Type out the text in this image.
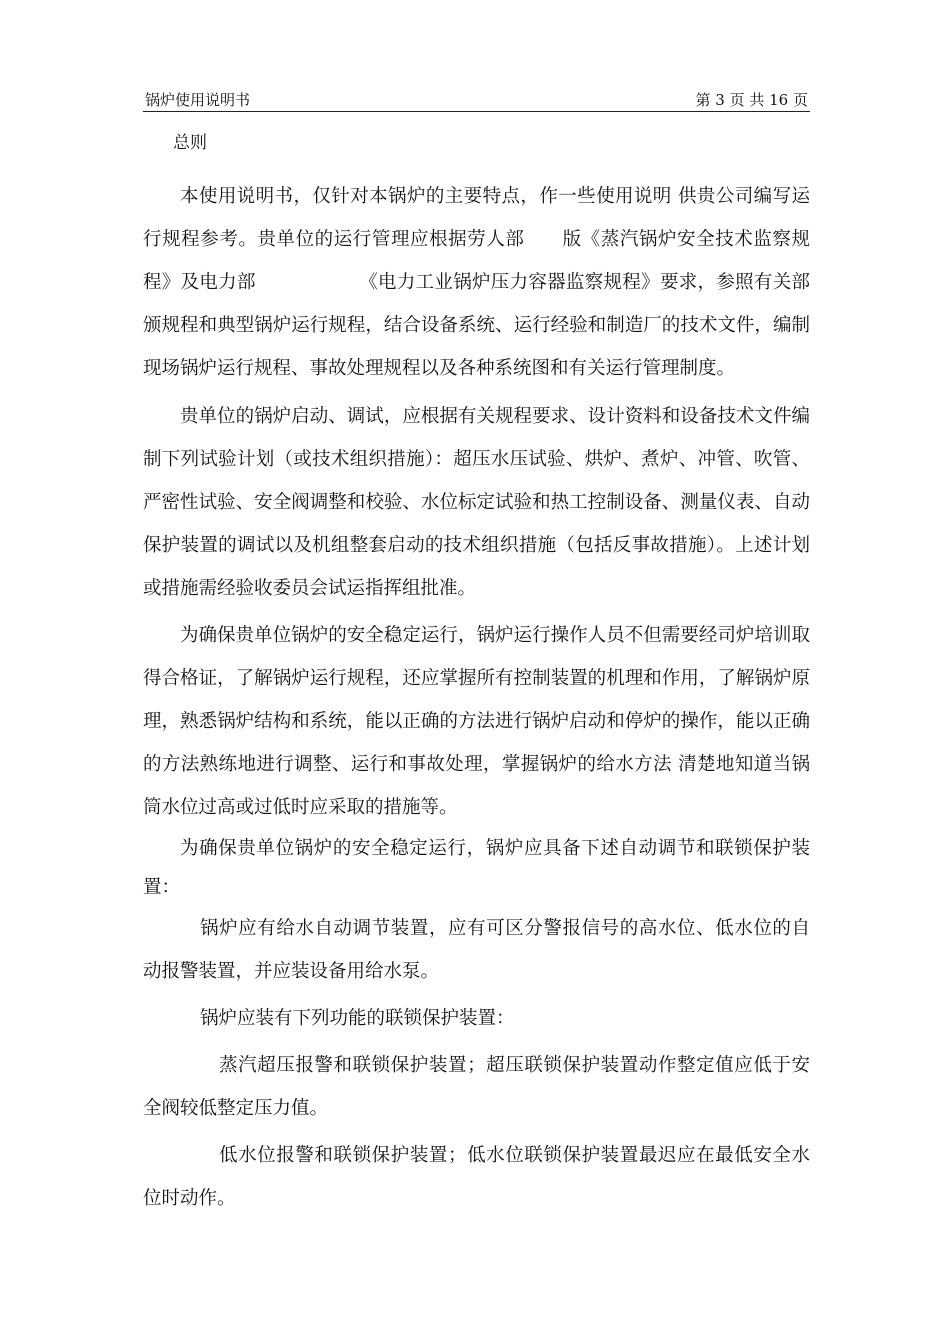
锅炉使用说明书	第 3 页 共 16 页

总则

本使用说明书，仅针对本锅炉的主要特点，作一些使用说明 供贵公司编写运行规程参考。贵单位的运行管理应根据劳人部　　版《蒸汽锅炉安全技术监察规程》及电力部　　　　　　《电力工业锅炉压力容器监察规程》要求，参照有关部颁规程和典型锅炉运行规程，结合设备系统、运行经验和制造厂的技术文件，编制现场锅炉运行规程、事故处理规程以及各种系统图和有关运行管理制度。

贵单位的锅炉启动、调试，应根据有关规程要求、设计资料和设备技术文件编制下列试验计划（或技术组织措施）：超压水压试验、烘炉、煮炉、冲管、吹管、严密性试验、安全阀调整和校验、水位标定试验和热工控制设备、测量仪表、自动保护装置的调试以及机组整套启动的技术组织措施（包括反事故措施）。上述计划或措施需经验收委员会试运指挥组批准。

为确保贵单位锅炉的安全稳定运行，锅炉运行操作人员不但需要经司炉培训取得合格证，了解锅炉运行规程，还应掌握所有控制装置的机理和作用，了解锅炉原理，熟悉锅炉结构和系统，能以正确的方法进行锅炉启动和停炉的操作，能以正确的方法熟练地进行调整、运行和事故处理，掌握锅炉的给水方法 清楚地知道当锅筒水位过高或过低时应采取的措施等。

为确保贵单位锅炉的安全稳定运行，锅炉应具备下述自动调节和联锁保护装置：

锅炉应有给水自动调节装置，应有可区分警报信号的高水位、低水位的自动报警装置，并应装设备用给水泵。

锅炉应装有下列功能的联锁保护装置：

蒸汽超压报警和联锁保护装置；超压联锁保护装置动作整定值应低于安全阀较低整定压力值。

低水位报警和联锁保护装置；低水位联锁保护装置最迟应在最低安全水位时动作。
